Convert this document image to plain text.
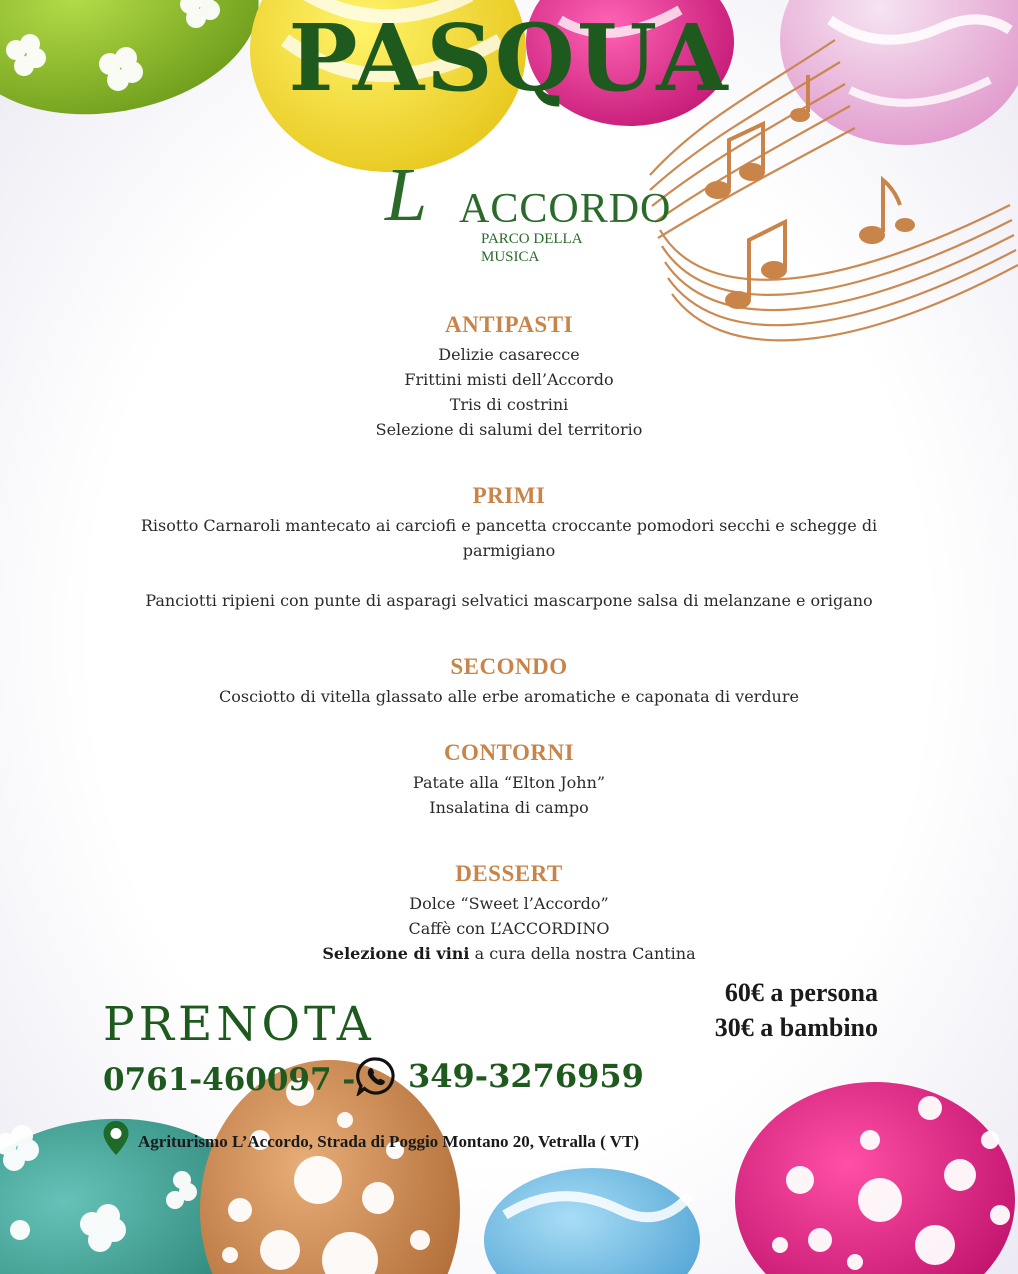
PASQUA
L ACCORDO
PARCO DELLA MUSICA

ANTIPASTI

Delizie casarecce

Frittini misti dell’Accordo

Tris di costrini

Selezione di salumi del territorio

PRIMI

Risotto Carnaroli mantecato ai carciofi e pancetta croccante pomodori secchi e schegge di

parmigiano

Panciotti ripieni con punte di asparagi selvatici mascarpone salsa di melanzane e origano

SECONDO

Cosciotto di vitella glassato alle erbe aromatiche e caponata di verdure

CONTORNI

Patate alla “Elton John”

Insalatina di campo

DESSERT

Dolce “Sweet l’Accordo”

Caffè con L’ACCORDINO

Selezione di vini a cura della nostra Cantina

60€ a persona
30€ a bambino
PRENOTA
0761-460097 - 349-3276959
Agriturismo L’Accordo, Strada di Poggio Montano 20, Vetralla ( VT)
